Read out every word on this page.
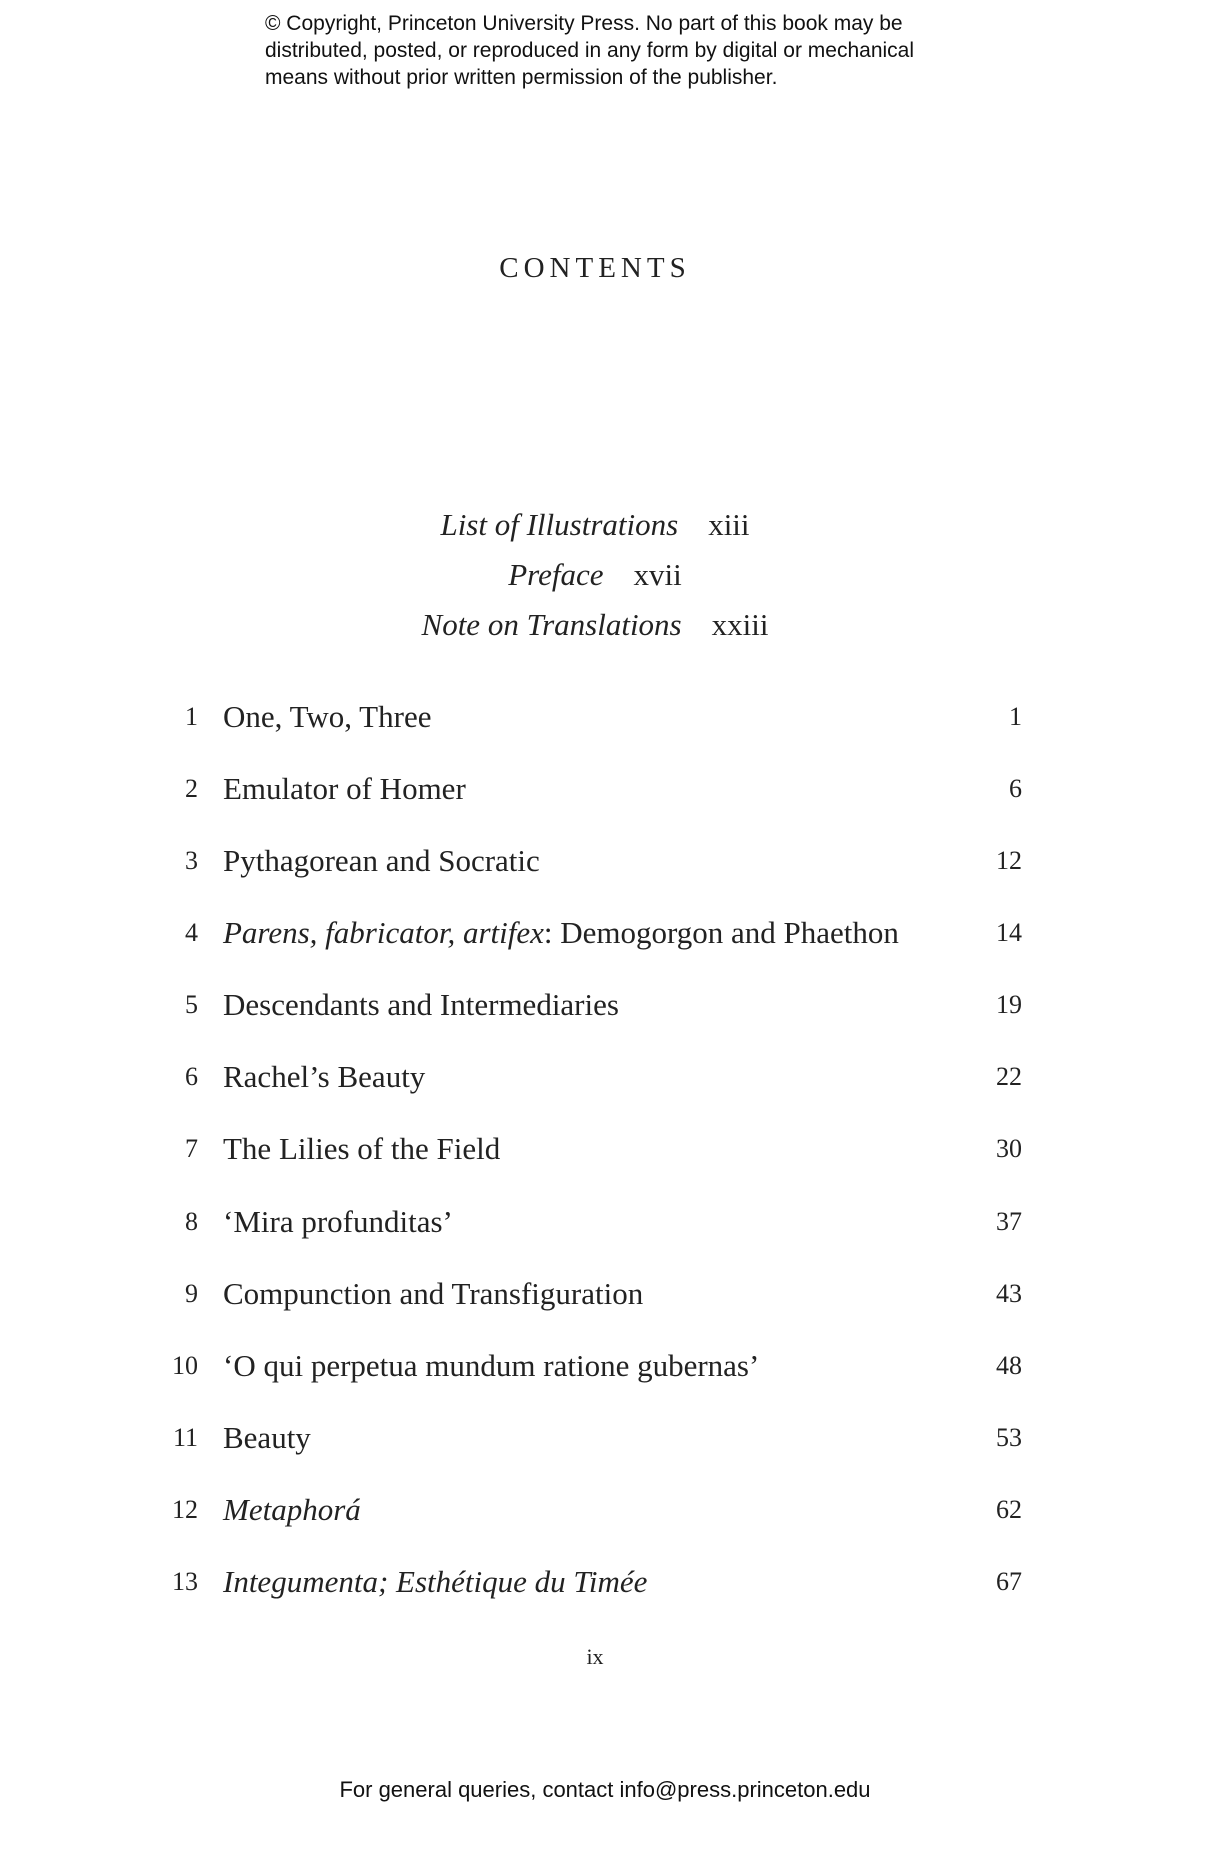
© Copyright, Princeton University Press. No part of this book may be
distributed, posted, or reproduced in any form by digital or mechanical
means without prior written permission of the publisher.
CONTENTS
List of Illustrations xiii
Preface xvii
Note on Translations xxiii
1 One, Two, Three	1
2 Emulator of Homer	6
3 Pythagorean and Socratic	12
4 Parens, fabricator, artifex: Demogorgon and Phaethon	14
5 Descendants and Intermediaries	19
6 Rachel’s Beauty	22
7 The Lilies of the Field	30
8 ‘Mira profunditas’	37
9 Compunction and Transfiguration	43
10 ‘O qui perpetua mundum ratione gubernas’	48
11 Beauty	53
12 Metaphorá	62
13 Integumenta; Esthétique du Timée	67
ix
For general queries, contact info@press.princeton.edu
